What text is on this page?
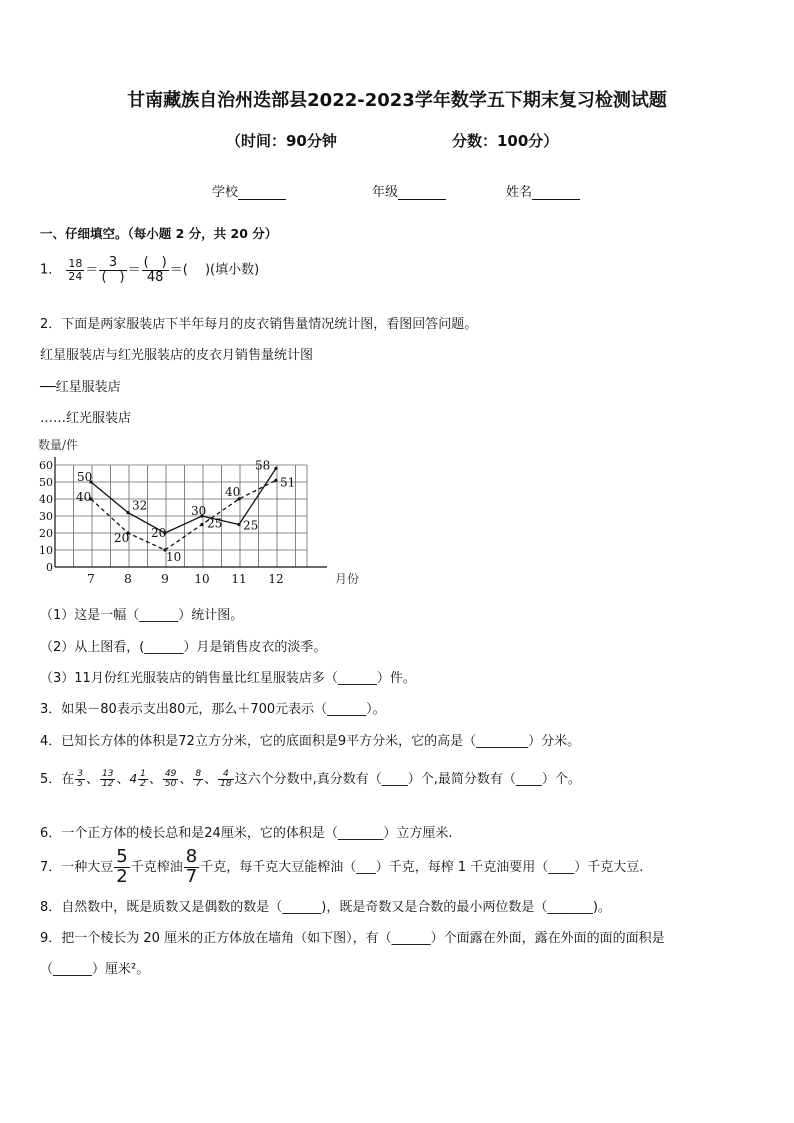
甘南藏族自治州迭部县2022-2023学年数学五下期末复习检测试题
（时间：90分钟	分数：100分）
学校	年级	姓名
一、仔细填空。（每小题 2 分，共 20 分）
1． $\frac{18}{24} = \frac{3}{( )} = \frac{( )}{48}$ ＝(　 )(填小数)
2．下面是两家服装店下半年每月的皮衣销售量情况统计图，看图回答问题。
红星服装店与红光服装店的皮衣月销售量统计图
──红星服装店
……红光服装店
0
10
20
30
40
50
60
数量/件
7 8 9 10 11 12	月份
50
32
20
30
25
58
40
20
10
25
40
51
（1）这是一幅（______）统计图。
（2）从上图看，(______）月是销售皮衣的淡季。
（3）11月份红光服装店的销售量比红星服装店多（______）件。
3．如果－80表示支出80元，那么＋700元表示（______）。
4．已知长方体的体积是72立方分米，它的底面积是9平方分米，它的高是（________）分米。
5．在 $\frac{3}{5}$ 、 $\frac{13}{12}$ 、$4 \frac{1}{2}$ 、 $\frac{49}{50}$ 、 $\frac{8}{7}$ 、 $\frac{4}{18}$ 这六个分数中,真分数有（____）个,最简分数有（____）个。
6．一个正方体的棱长总和是24厘米，它的体积是（_______）立方厘米.
7．一种大豆 $\frac{5}{2}$ 千克榨油 $\frac{8}{7}$ 千克，每千克大豆能榨油（___）千克，每榨 1 千克油要用（____）千克大豆.
8．自然数中，既是质数又是偶数的数是（______)，既是奇数又是合数的最小两位数是（_______)。
9．把一个棱长为 20 厘米的正方体放在墙角（如下图），有（______）个面露在外面，露在外面的面的面积是
（______）厘米²。
